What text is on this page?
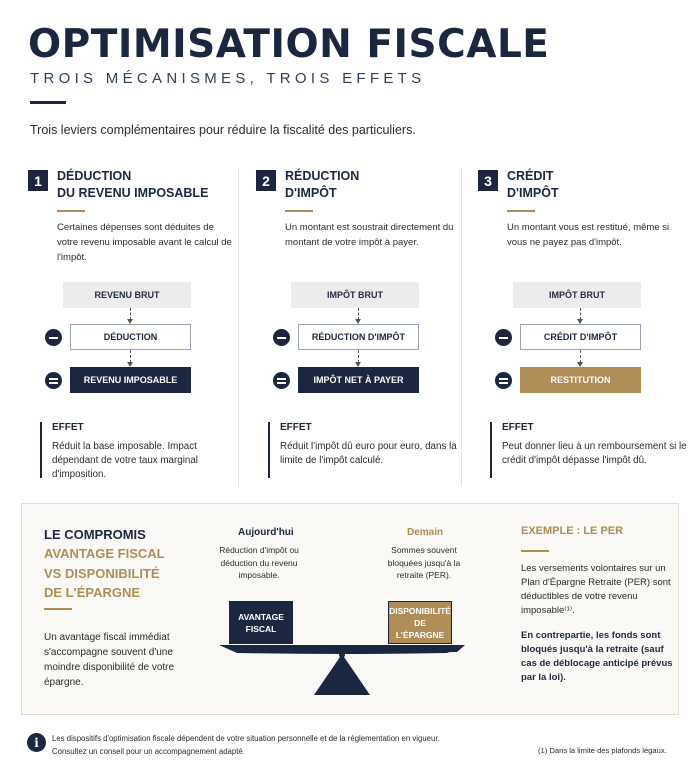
OPTIMISATION FISCALE
TROIS MÉCANISMES, TROIS EFFETS
Trois leviers complémentaires pour réduire la fiscalité des particuliers.
1	DÉDUCTION
DU REVENU IMPOSABLE
Certaines dépenses sont déduites de votre revenu imposable avant le calcul de l'impôt.
REVENU BRUT
DÉDUCTION
REVENU IMPOSABLE
EFFET
Réduit la base imposable. Impact dépendant de votre taux marginal d'imposition.
2	RÉDUCTION
D'IMPÔT
Un montant est soustrait directement du montant de votre impôt à payer.
IMPÔT BRUT
RÉDUCTION D'IMPÔT
IMPÔT NET À PAYER
EFFET
Réduit l'impôt dû euro pour euro, dans la limite de l'impôt calculé.
3	CRÉDIT
D'IMPÔT
Un montant vous est restitué, même si vous ne payez pas d'impôt.
IMPÔT BRUT
CRÉDIT D'IMPÔT
RESTITUTION
EFFET
Peut donner lieu à un remboursement si le crédit d'impôt dépasse l'impôt dû.
LE COMPROMIS
AVANTAGE FISCAL
VS DISPONIBILITÉ
DE L'ÉPARGNE
Un avantage fiscal immédiat s'accompagne souvent d'une moindre disponibilité de votre épargne.
Aujourd'hui
Réduction d'impôt ou déduction du revenu imposable.
Demain
Sommes souvent bloquées jusqu'à la retraite (PER).
AVANTAGE
FISCAL
DISPONIBILITÉ
DE L'ÉPARGNE
EXEMPLE : LE PER
Les versements volontaires sur un Plan d'Épargne Retraite (PER) sont déductibles de votre revenu imposable⁽¹⁾.
En contrepartie, les fonds sont bloqués jusqu'à la retraite (sauf cas de déblocage anticipé prévus par la loi).
i	Les dispositifs d'optimisation fiscale dépendent de votre situation personnelle et de la réglementation en vigueur.
Consultez un conseil pour un accompagnement adapté.	(1) Dans la limite des plafonds légaux.
